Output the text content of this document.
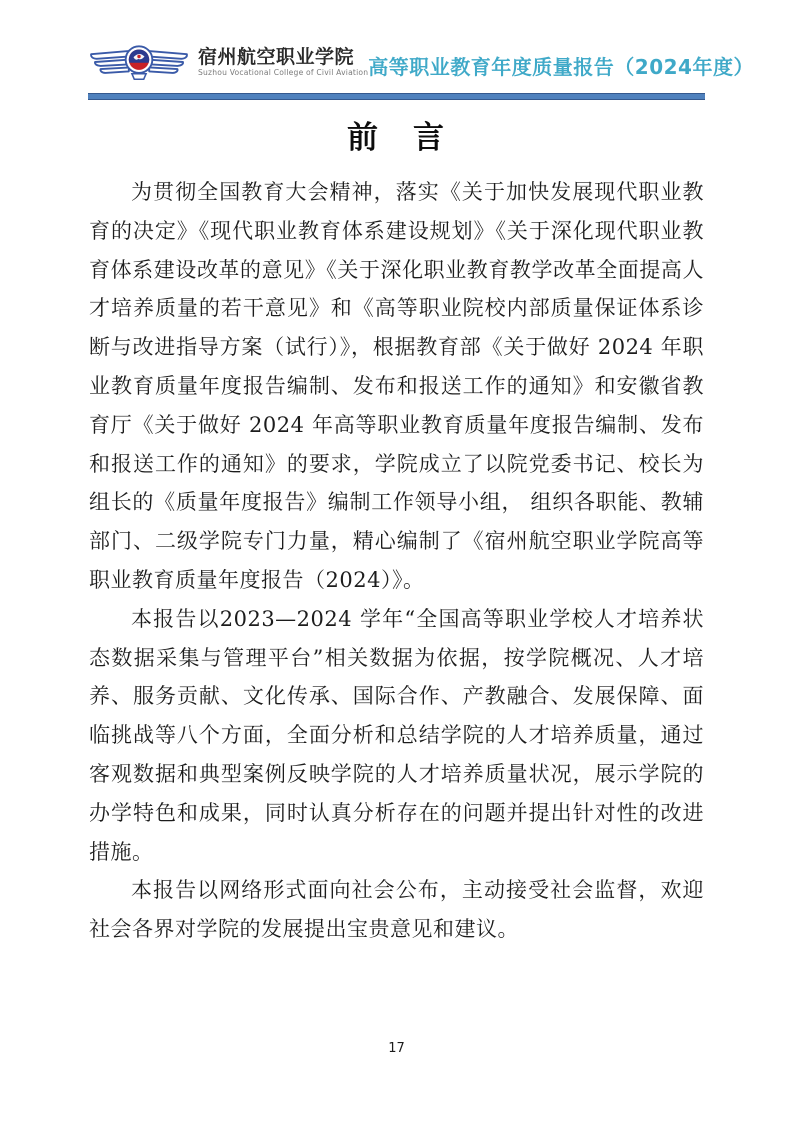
宿州航空职业学院
Suzhou Vocational College of Civil Aviation 高等职业教育年度质量报告（2024年度）
前　言

为贯彻全国教育大会精神，落实《关于加快发展现代职业教育的决定》《现代职业教育体系建设规划》《关于深化现代职业教育体系建设改革的意见》《关于深化职业教育教学改革全面提高人才培养质量的若干意见》和《高等职业院校内部质量保证体系诊断与改进指导方案（试行）》，根据教育部《关于做好 2024 年职业教育质量年度报告编制、发布和报送工作的通知》和安徽省教育厅《关于做好 2024 年高等职业教育质量年度报告编制、发布和报送工作的通知》的要求，学院成立了以院党委书记、校长为组长的《质量年度报告》编制工作领导小组， 组织各职能、教辅部门、二级学院专门力量，精心编制了《宿州航空职业学院高等职业教育质量年度报告（2024）》。

本报告以2023—2024 学年“全国高等职业学校人才培养状态数据采集与管理平台”相关数据为依据，按学院概况、人才培养、服务贡献、文化传承、国际合作、产教融合、发展保障、面临挑战等八个方面，全面分析和总结学院的人才培养质量，通过客观数据和典型案例反映学院的人才培养质量状况，展示学院的办学特色和成果，同时认真分析存在的问题并提出针对性的改进措施。

本报告以网络形式面向社会公布，主动接受社会监督，欢迎社会各界对学院的发展提出宝贵意见和建议。

17
